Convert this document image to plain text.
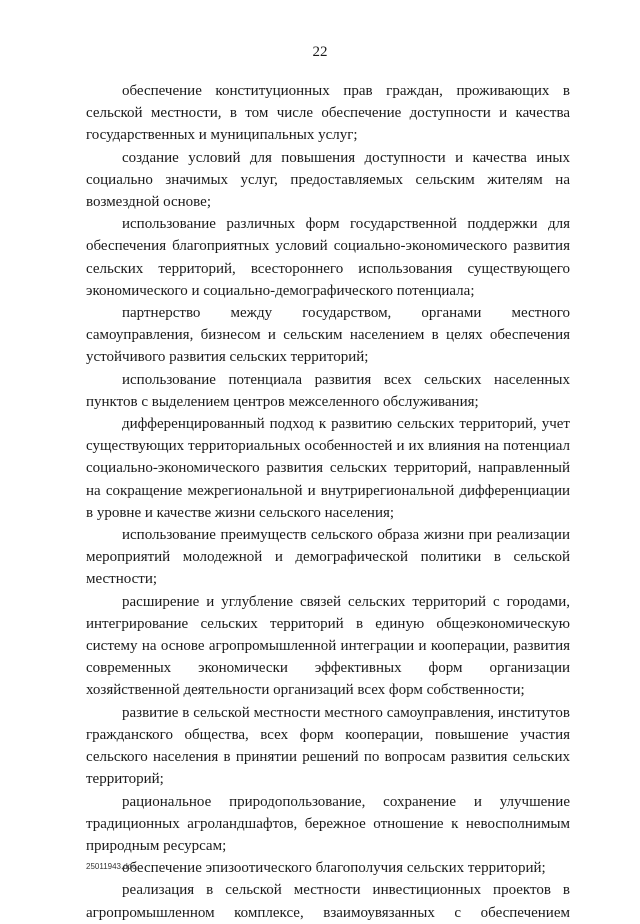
22

обеспечение конституционных прав граждан, проживающих в сельской местности, в том числе обеспечение доступности и качества государственных и муниципальных услуг;

создание условий для повышения доступности и качества иных социально значимых услуг, предоставляемых сельским жителям на возмездной основе;

использование различных форм государственной поддержки для обеспечения благоприятных условий социально-экономического развития сельских территорий, всестороннего использования существующего экономического и социально-демографического потенциала;

партнерство между государством, органами местного самоуправления, бизнесом и сельским населением в целях обеспечения устойчивого развития сельских территорий;

использование потенциала развития всех сельских населенных пунктов с выделением центров межселенного обслуживания;

дифференцированный подход к развитию сельских территорий, учет существующих территориальных особенностей и их влияния на потенциал социально-экономического развития сельских территорий, направленный на сокращение межрегиональной и внутрирегиональной дифференциации в уровне и качестве жизни сельского населения;

использование преимуществ сельского образа жизни при реализации мероприятий молодежной и демографической политики в сельской местности;

расширение и углубление связей сельских территорий с городами, интегрирование сельских территорий в единую общеэкономическую систему на основе агропромышленной интеграции и кооперации, развития современных экономически эффективных форм организации хозяйственной деятельности организаций всех форм собственности;

развитие в сельской местности местного самоуправления, институтов гражданского общества, всех форм кооперации, повышение участия сельского населения в принятии решений по вопросам развития сельских территорий;

рациональное природопользование, сохранение и улучшение традиционных агроландшафтов, бережное отношение к невосполнимым природным ресурсам;

обеспечение эпизоотического благополучия сельских территорий;

реализация в сельской местности инвестиционных проектов в агропромышленном комплексе, взаимоувязанных с обеспечением

25011943.doc
